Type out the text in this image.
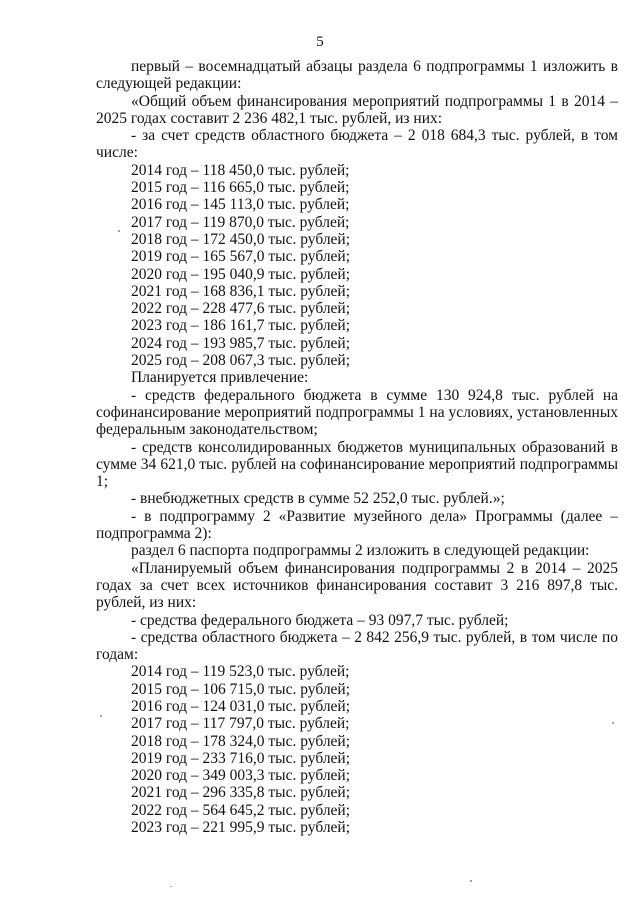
5

первый – восемнадцатый абзацы раздела 6 подпрограммы 1 изложить в следующей редакции:

«Общий объем финансирования мероприятий подпрограммы 1 в 2014 – 2025 годах составит 2 236 482,1 тыс. рублей, из них:

- за счет средств областного бюджета – 2 018 684,3 тыс. рублей, в том числе:

2014 год – 118 450,0 тыс. рублей;

2015 год – 116 665,0 тыс. рублей;

2016 год – 145 113,0 тыс. рублей;

2017 год – 119 870,0 тыс. рублей;

2018 год – 172 450,0 тыс. рублей;

2019 год – 165 567,0 тыс. рублей;

2020 год – 195 040,9 тыс. рублей;

2021 год – 168 836,1 тыс. рублей;

2022 год – 228 477,6 тыс. рублей;

2023 год – 186 161,7 тыс. рублей;

2024 год – 193 985,7 тыс. рублей;

2025 год – 208 067,3 тыс. рублей;

Планируется привлечение:

- средств федерального бюджета в сумме 130 924,8 тыс. рублей на софинансирование мероприятий подпрограммы 1 на условиях, установленных федеральным законодательством;

- средств консолидированных бюджетов муниципальных образований в сумме 34 621,0 тыс. рублей на софинансирование мероприятий подпрограммы 1;

- внебюджетных средств в сумме 52 252,0 тыс. рублей.»;

- в подпрограмму 2 «Развитие музейного дела» Программы (далее – подпрограмма 2):

раздел 6 паспорта подпрограммы 2 изложить в следующей редакции:

«Планируемый объем финансирования подпрограммы 2 в 2014 – 2025 годах за счет всех источников финансирования составит 3 216 897,8 тыс. рублей, из них:

- средства федерального бюджета – 93 097,7 тыс. рублей;

- средства областного бюджета – 2 842 256,9 тыс. рублей, в том числе по годам:

2014 год – 119 523,0 тыс. рублей;

2015 год – 106 715,0 тыс. рублей;

2016 год – 124 031,0 тыс. рублей;

2017 год – 117 797,0 тыс. рублей;

2018 год – 178 324,0 тыс. рублей;

2019 год – 233 716,0 тыс. рублей;

2020 год – 349 003,3 тыс. рублей;

2021 год – 296 335,8 тыс. рублей;

2022 год – 564 645,2 тыс. рублей;

2023 год – 221 995,9 тыс. рублей;
